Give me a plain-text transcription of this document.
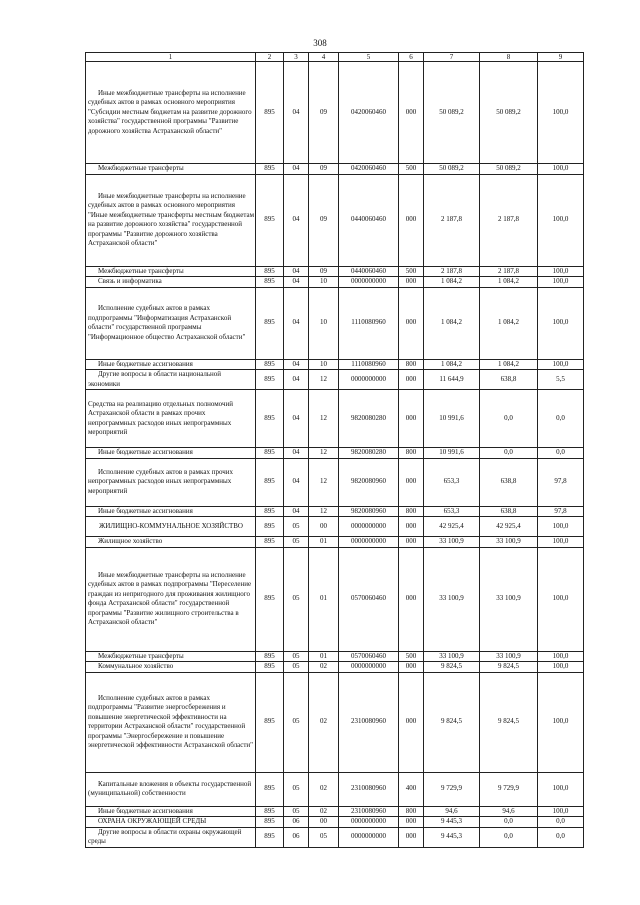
308
1	2	3	4	5	6	7	8	9
Иные межбюджетные трансферты на исполнение судебных актов в рамках основного мероприятия "Субсидии местным бюджетам на развитие дорожного хозяйства" государственной программы "Развитие дорожного хозяйства Астраханской области"	895	04	09	0420060460	000	50 089,2	50 089,2	100,0
Межбюджетные трансферты	895	04	09	0420060460	500	50 089,2	50 089,2	100,0
Иные межбюджетные трансферты на исполнение судебных актов в рамках основного мероприятия "Иные межбюджетные трансферты местным бюджетам на развитие дорожного хозяйства" государственной программы "Развитие дорожного хозяйства Астраханской области"	895	04	09	0440060460	000	2 187,8	2 187,8	100,0
Межбюджетные трансферты	895	04	09	0440060460	500	2 187,8	2 187,8	100,0
Связь и информатика	895	04	10	0000000000	000	1 084,2	1 084,2	100,0
Исполнение судебных актов в рамках подпрограммы "Информатизация Астраханской области" государственной программы "Информационное общество Астраханской области"	895	04	10	1110080960	000	1 084,2	1 084,2	100,0
Иные бюджетные ассигнования	895	04	10	1110080960	800	1 084,2	1 084,2	100,0
Другие вопросы в области национальной экономики	895	04	12	0000000000	000	11 644,9	638,8	5,5
Средства на реализацию отдельных полномочий Астраханской области в рамках прочих непрограммных расходов иных непрограммных мероприятий	895	04	12	9820080280	000	10 991,6	0,0	0,0
Иные бюджетные ассигнования	895	04	12	9820080280	800	10 991,6	0,0	0,0
Исполнение судебных актов в рамках прочих непрограммных расходов иных непрограммных мероприятий	895	04	12	9820080960	000	653,3	638,8	97,8
Иные бюджетные ассигнования	895	04	12	9820080960	800	653,3	638,8	97,8
ЖИЛИЩНО-КОММУНАЛЬНОЕ ХОЗЯЙСТВО	895	05	00	0000000000	000	42 925,4	42 925,4	100,0
Жилищное хозяйство	895	05	01	0000000000	000	33 100,9	33 100,9	100,0
Иные межбюджетные трансферты на исполнение судебных актов в рамках подпрограммы "Переселение граждан из непригодного для проживания жилищного фонда Астраханской области" государственной программы "Развитие жилищного строительства в Астраханской области"	895	05	01	0570060460	000	33 100,9	33 100,9	100,0
Межбюджетные трансферты	895	05	01	0570060460	500	33 100,9	33 100,9	100,0
Коммунальное хозяйство	895	05	02	0000000000	000	9 824,5	9 824,5	100,0
Исполнение судебных актов в рамках подпрограммы "Развитие энергосбережения и повышение энергетической эффективности на территории Астраханской области" государственной программы "Энергосбережение и повышение энергетической эффективности Астраханской области"	895	05	02	2310080960	000	9 824,5	9 824,5	100,0
Капитальные вложения в объекты государственной (муниципальной) собственности	895	05	02	2310080960	400	9 729,9	9 729,9	100,0
Иные бюджетные ассигнования	895	05	02	2310080960	800	94,6	94,6	100,0
ОХРАНА ОКРУЖАЮЩЕЙ СРЕДЫ	895	06	00	0000000000	000	9 445,3	0,0	0,0
Другие вопросы в области охраны окружающей среды	895	06	05	0000000000	000	9 445,3	0,0	0,0
